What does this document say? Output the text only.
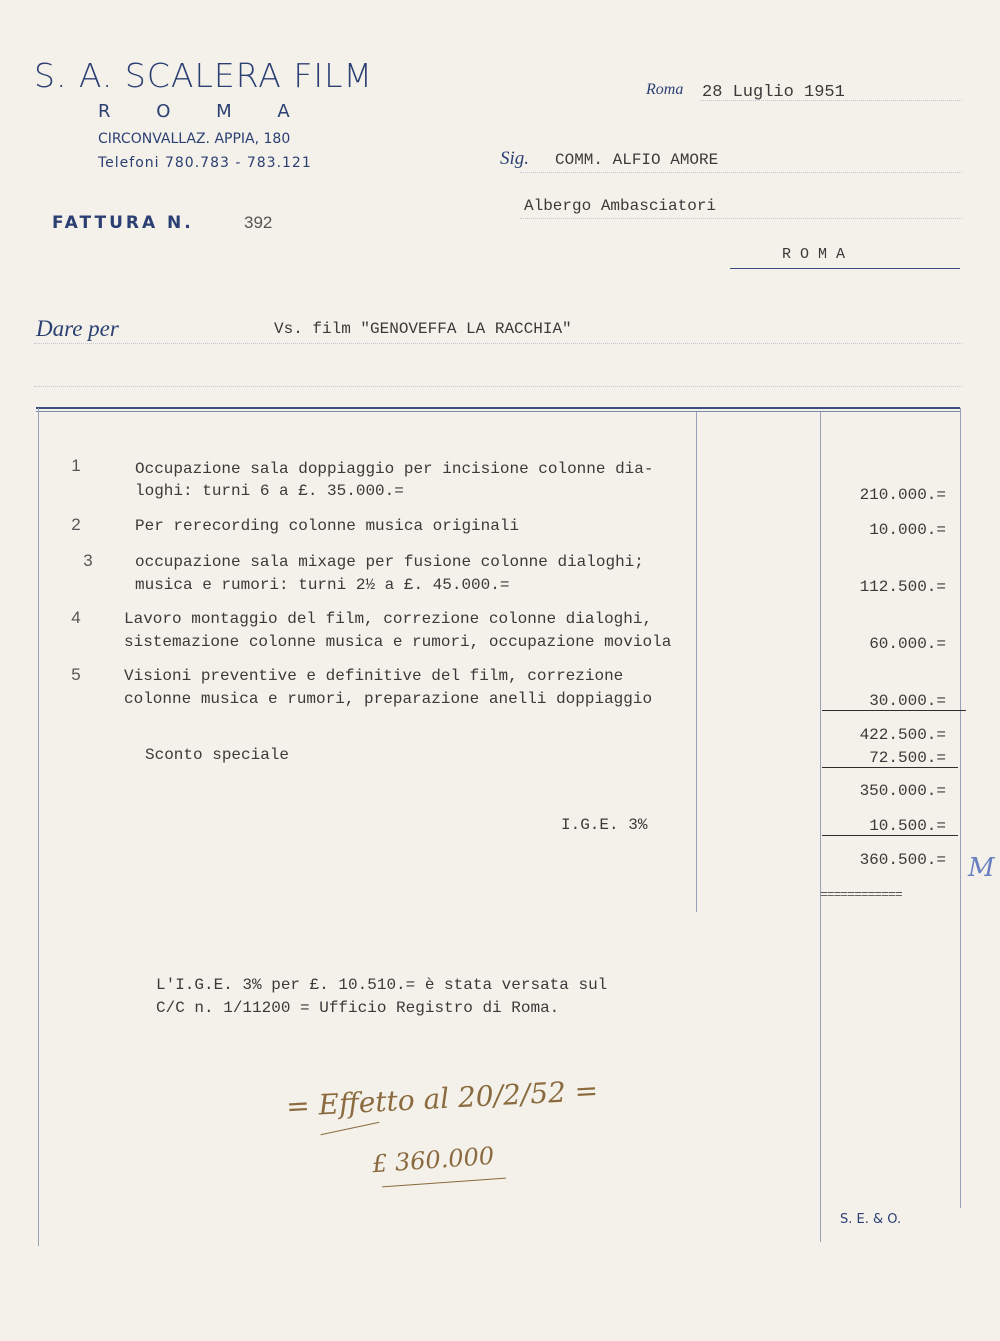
S. A. SCALERA FILM
R O M A
CIRCONVALLAZ. APPIA, 180
Telefoni 780.783 - 783.121
FATTURA N.	392
Roma 28 Luglio 1951
Sig. COMM. ALFIO AMORE
Albergo Ambasciatori
R O M A
Dare per	Vs. film "GENOVEFFA LA RACCHIA"
1	Occupazione sala doppiaggio per incisione colonne dia-
loghi: turni 6 a £. 35.000.=	210.000.=
2	Per rerecording colonne musica originali	10.000.=
3	occupazione sala mixage per fusione colonne dialoghi;
musica e rumori: turni 2½ a £. 45.000.=	112.500.=
4	Lavoro montaggio del film, correzione colonne dialoghi,
sistemazione colonne musica e rumori, occupazione moviola	60.000.=
5	Visioni preventive e definitive del film, correzione
colonne musica e rumori, preparazione anelli doppiaggio	30.000.=
422.500.=
Sconto speciale	72.500.=
350.000.=
I.G.E. 3%	10.500.=
360.500.= M
============
L'I.G.E. 3% per £. 10.510.= è stata versata sul
C/C n. 1/11200 = Ufficio Registro di Roma.
= Effetto al 20/2/52 =
£ 360.000
S. E. & O.
